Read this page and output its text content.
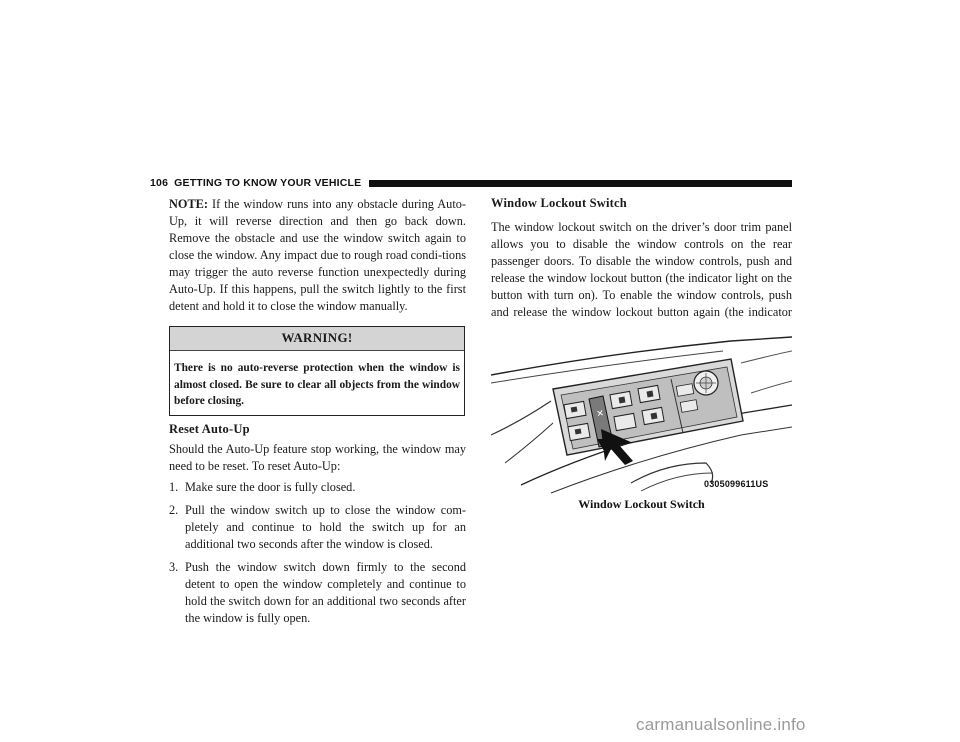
106 GETTING TO KNOW YOUR VEHICLE

NOTE: If the window runs into any obstacle during Auto-Up, it will reverse direction and then go back down. Remove the obstacle and use the window switch again to close the window. Any impact due to rough road condi-tions may trigger the auto reverse function unexpectedly during Auto-Up. If this happens, pull the switch lightly to the first detent and hold it to close the window manually.

WARNING!

There is no auto-reverse protection when the window is almost closed. Be sure to clear all objects from the window before closing.

Reset Auto-Up

Should the Auto-Up feature stop working, the window may need to be reset. To reset Auto-Up:

1. Make sure the door is fully closed.
2. Pull the window switch up to close the window com-pletely and continue to hold the switch up for an additional two seconds after the window is closed.
3. Push the window switch down firmly to the second detent to open the window completely and continue to hold the switch down for an additional two seconds after the window is fully open.
Window Lockout Switch

The window lockout switch on the driver’s door trim panel allows you to disable the window controls on the rear passenger doors. To disable the window controls, push and release the window lockout button (the indicator light on the button with turn on). To enable the window controls, push and release the window lockout button again (the indicator

✕
0305099611US
Window Lockout Switch
carmanualsonline.info
